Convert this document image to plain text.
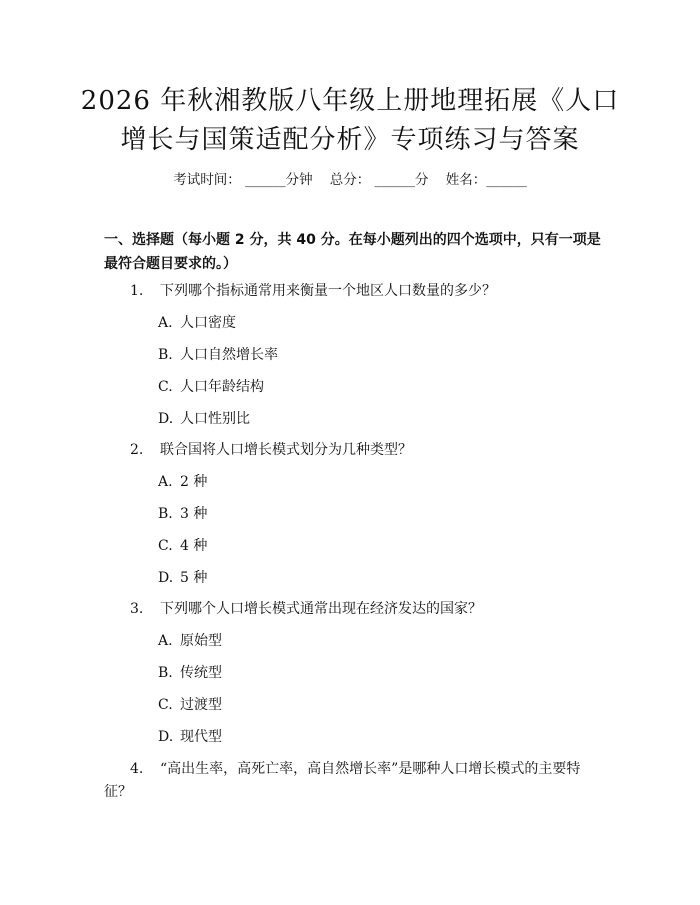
2026 年秋湘教版八年级上册地理拓展《人口
增长与国策适配分析》专项练习与答案
考试时间： ______分钟    总分： ______分    姓名：______
一、选择题（每小题 2 分，共 40 分。在每小题列出的四个选项中，只有一项是最符合题目要求的。）
1.	下列哪个指标通常用来衡量一个地区人口数量的多少？
A. 人口密度
B. 人口自然增长率
C. 人口年龄结构
D. 人口性别比
2.	联合国将人口增长模式划分为几种类型？
A. 2 种
B. 3 种
C. 4 种
D. 5 种
3.	下列哪个人口增长模式通常出现在经济发达的国家？
A. 原始型
B. 传统型
C. 过渡型
D. 现代型
4.	“高出生率，高死亡率，高自然增长率”是哪种人口增长模式的主要特征？
